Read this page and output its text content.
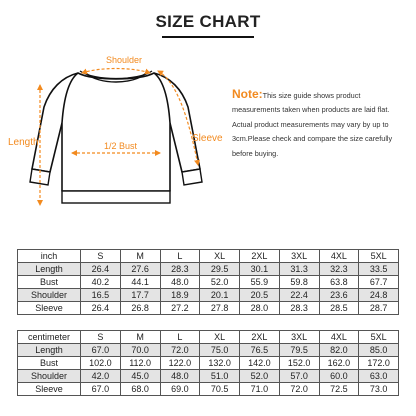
SIZE CHART
Shoulder
Length	Sleeve
1/2 Bust
Note:This size guide shows product measurements taken when products are laid flat. Actual product measurements may vary by up to 3cm.Please check and compare the size carefully before buying.
inch	S	M	L	XL	2XL	3XL	4XL	5XL
Length	26.4	27.6	28.3	29.5	30.1	31.3	32.3	33.5
Bust	40.2	44.1	48.0	52.0	55.9	59.8	63.8	67.7
Shoulder	16.5	17.7	18.9	20.1	20.5	22.4	23.6	24.8
Sleeve	26.4	26.8	27.2	27.8	28.0	28.3	28.5	28.7
centimeter	S	M	L	XL	2XL	3XL	4XL	5XL
Length	67.0	70.0	72.0	75.0	76.5	79.5	82.0	85.0
Bust	102.0	112.0	122.0	132.0	142.0	152.0	162.0	172.0
Shoulder	42.0	45.0	48.0	51.0	52.0	57.0	60.0	63.0
Sleeve	67.0	68.0	69.0	70.5	71.0	72.0	72.5	73.0
